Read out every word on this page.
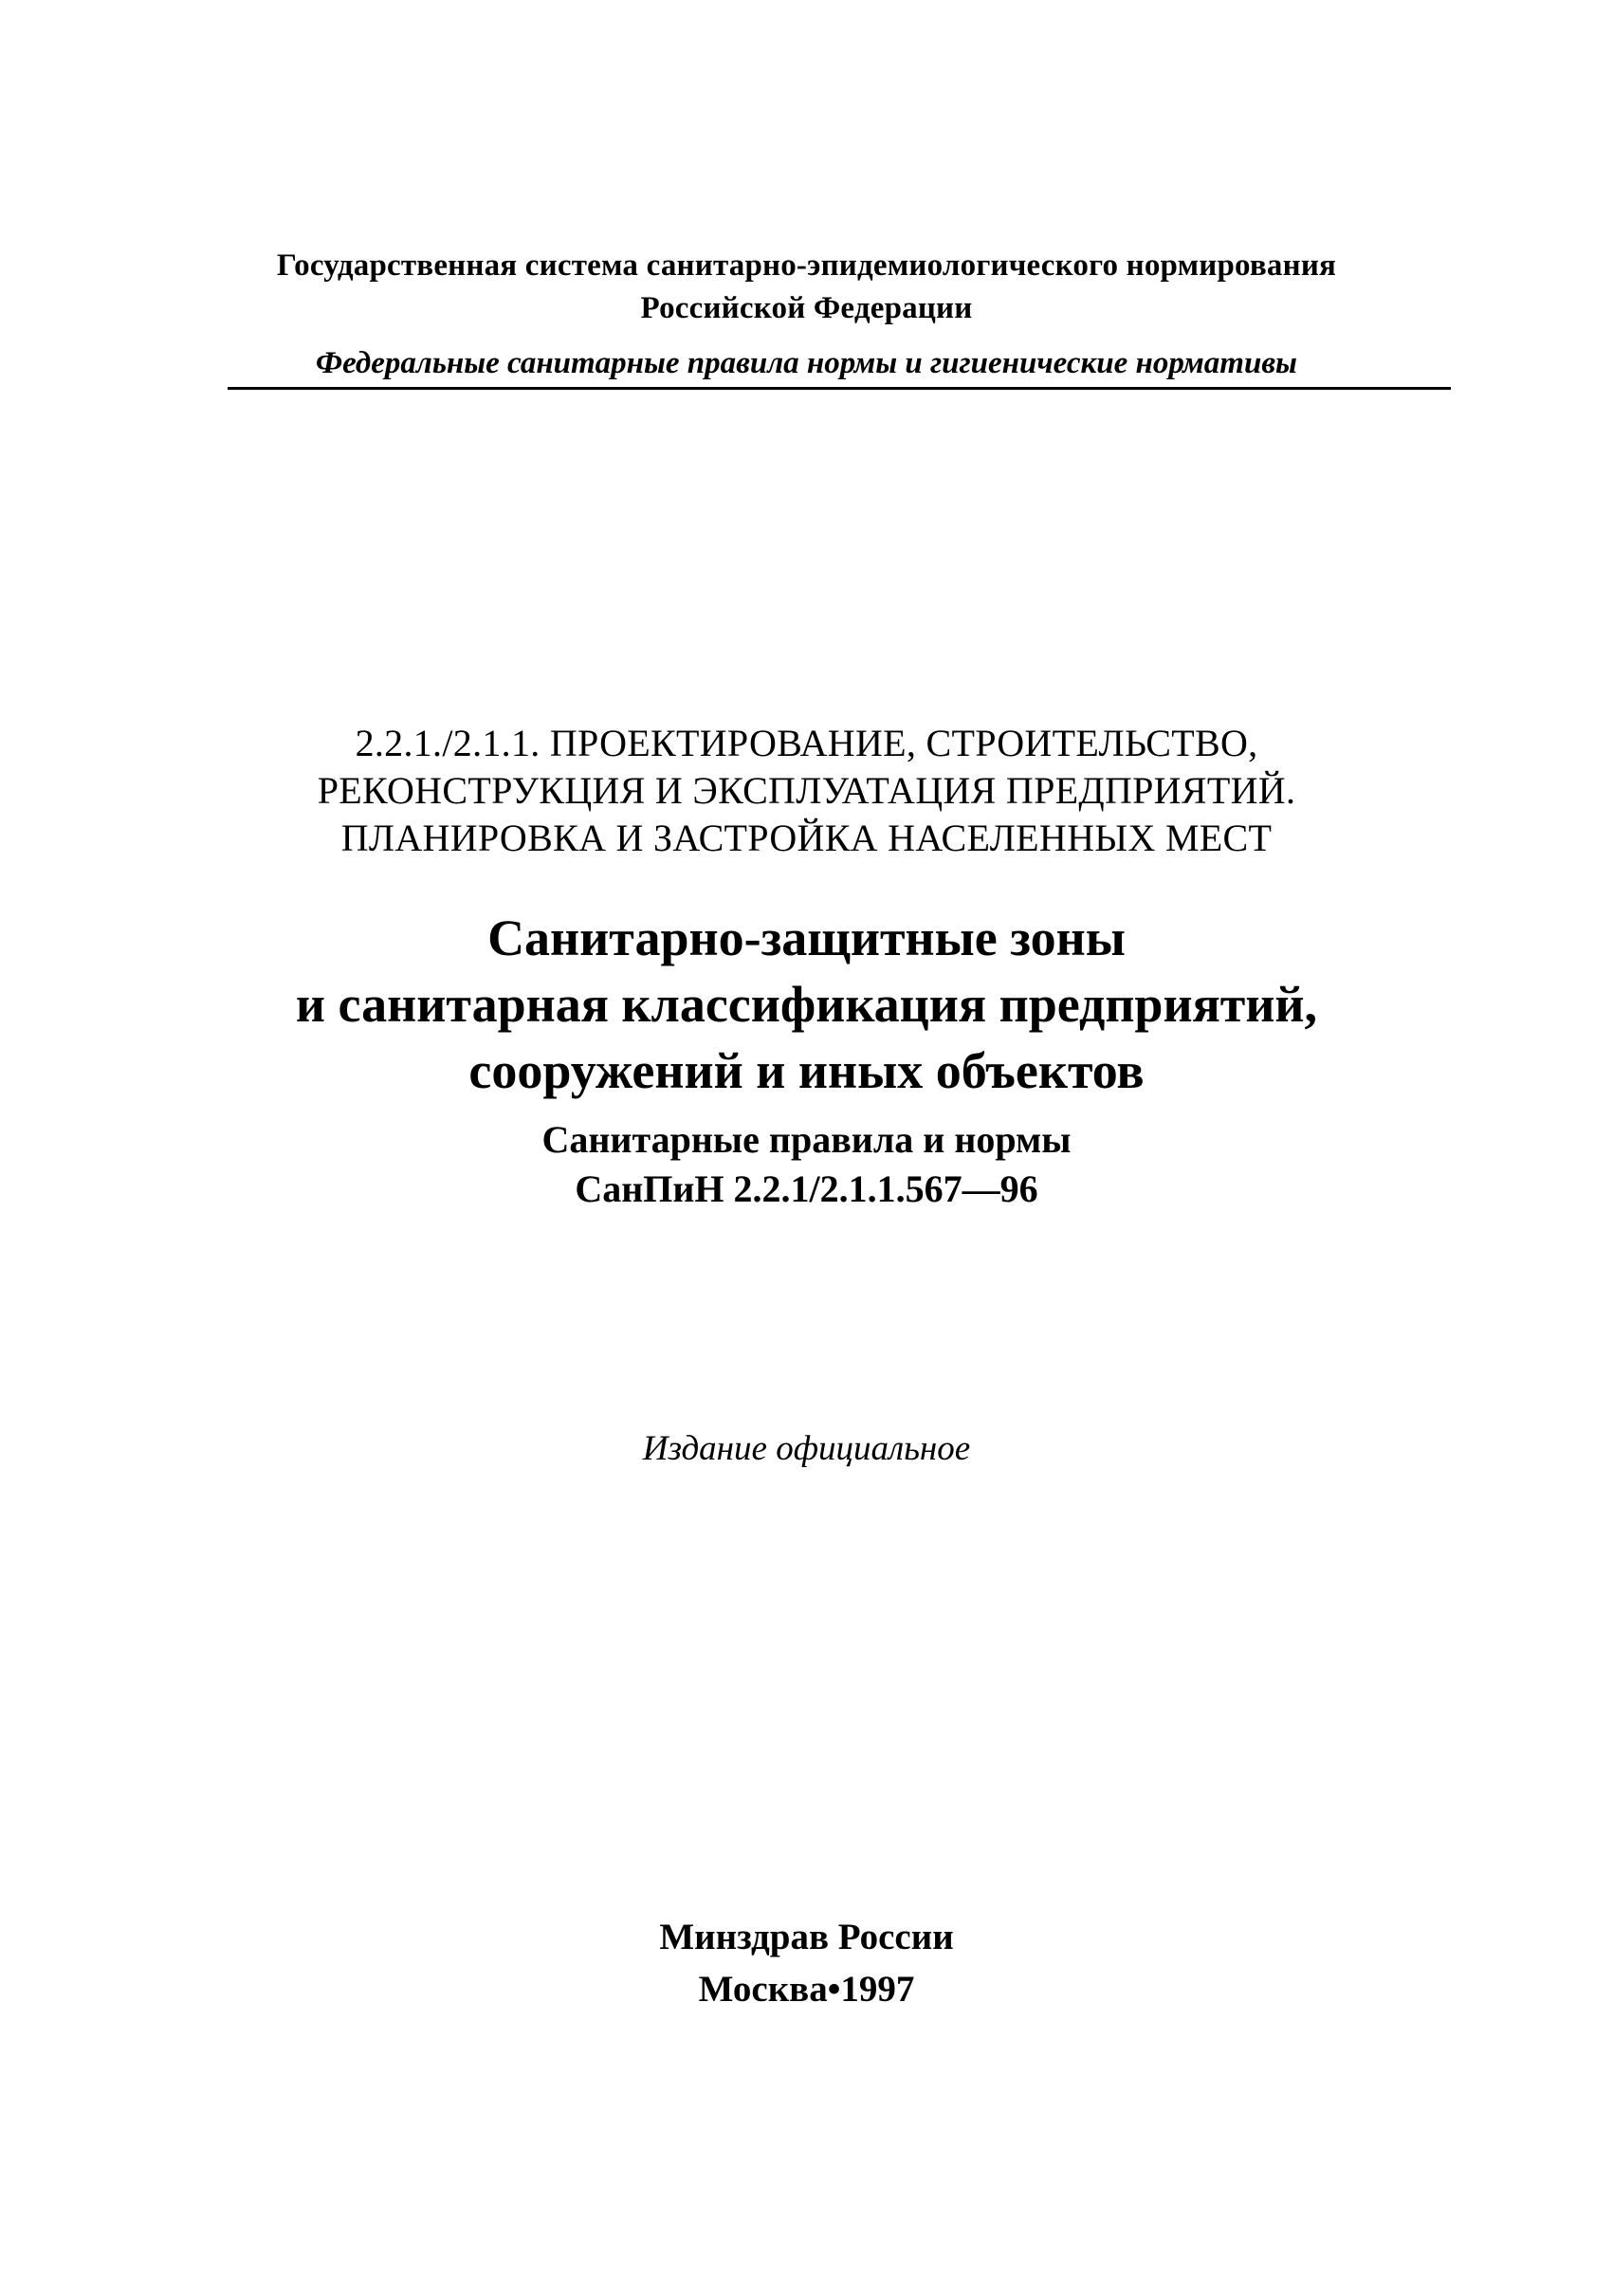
Государственная система санитарно-эпидемиологического нормирования
Российской Федерации
Федеральные санитарные правила нормы и гигиенические нормативы
2.2.1./2.1.1. ПРОЕКТИРОВАНИЕ, СТРОИТЕЛЬСТВО,
РЕКОНСТРУКЦИЯ И ЭКСПЛУАТАЦИЯ ПРЕДПРИЯТИЙ.
ПЛАНИРОВКА И ЗАСТРОЙКА НАСЕЛЕННЫХ МЕСТ
Санитарно-защитные зоны
и санитарная классификация предприятий,
сооружений и иных объектов
Санитарные правила и нормы
СанПиН 2.2.1/2.1.1.567—96
Издание официальное
Минздрав России
Москва•1997
